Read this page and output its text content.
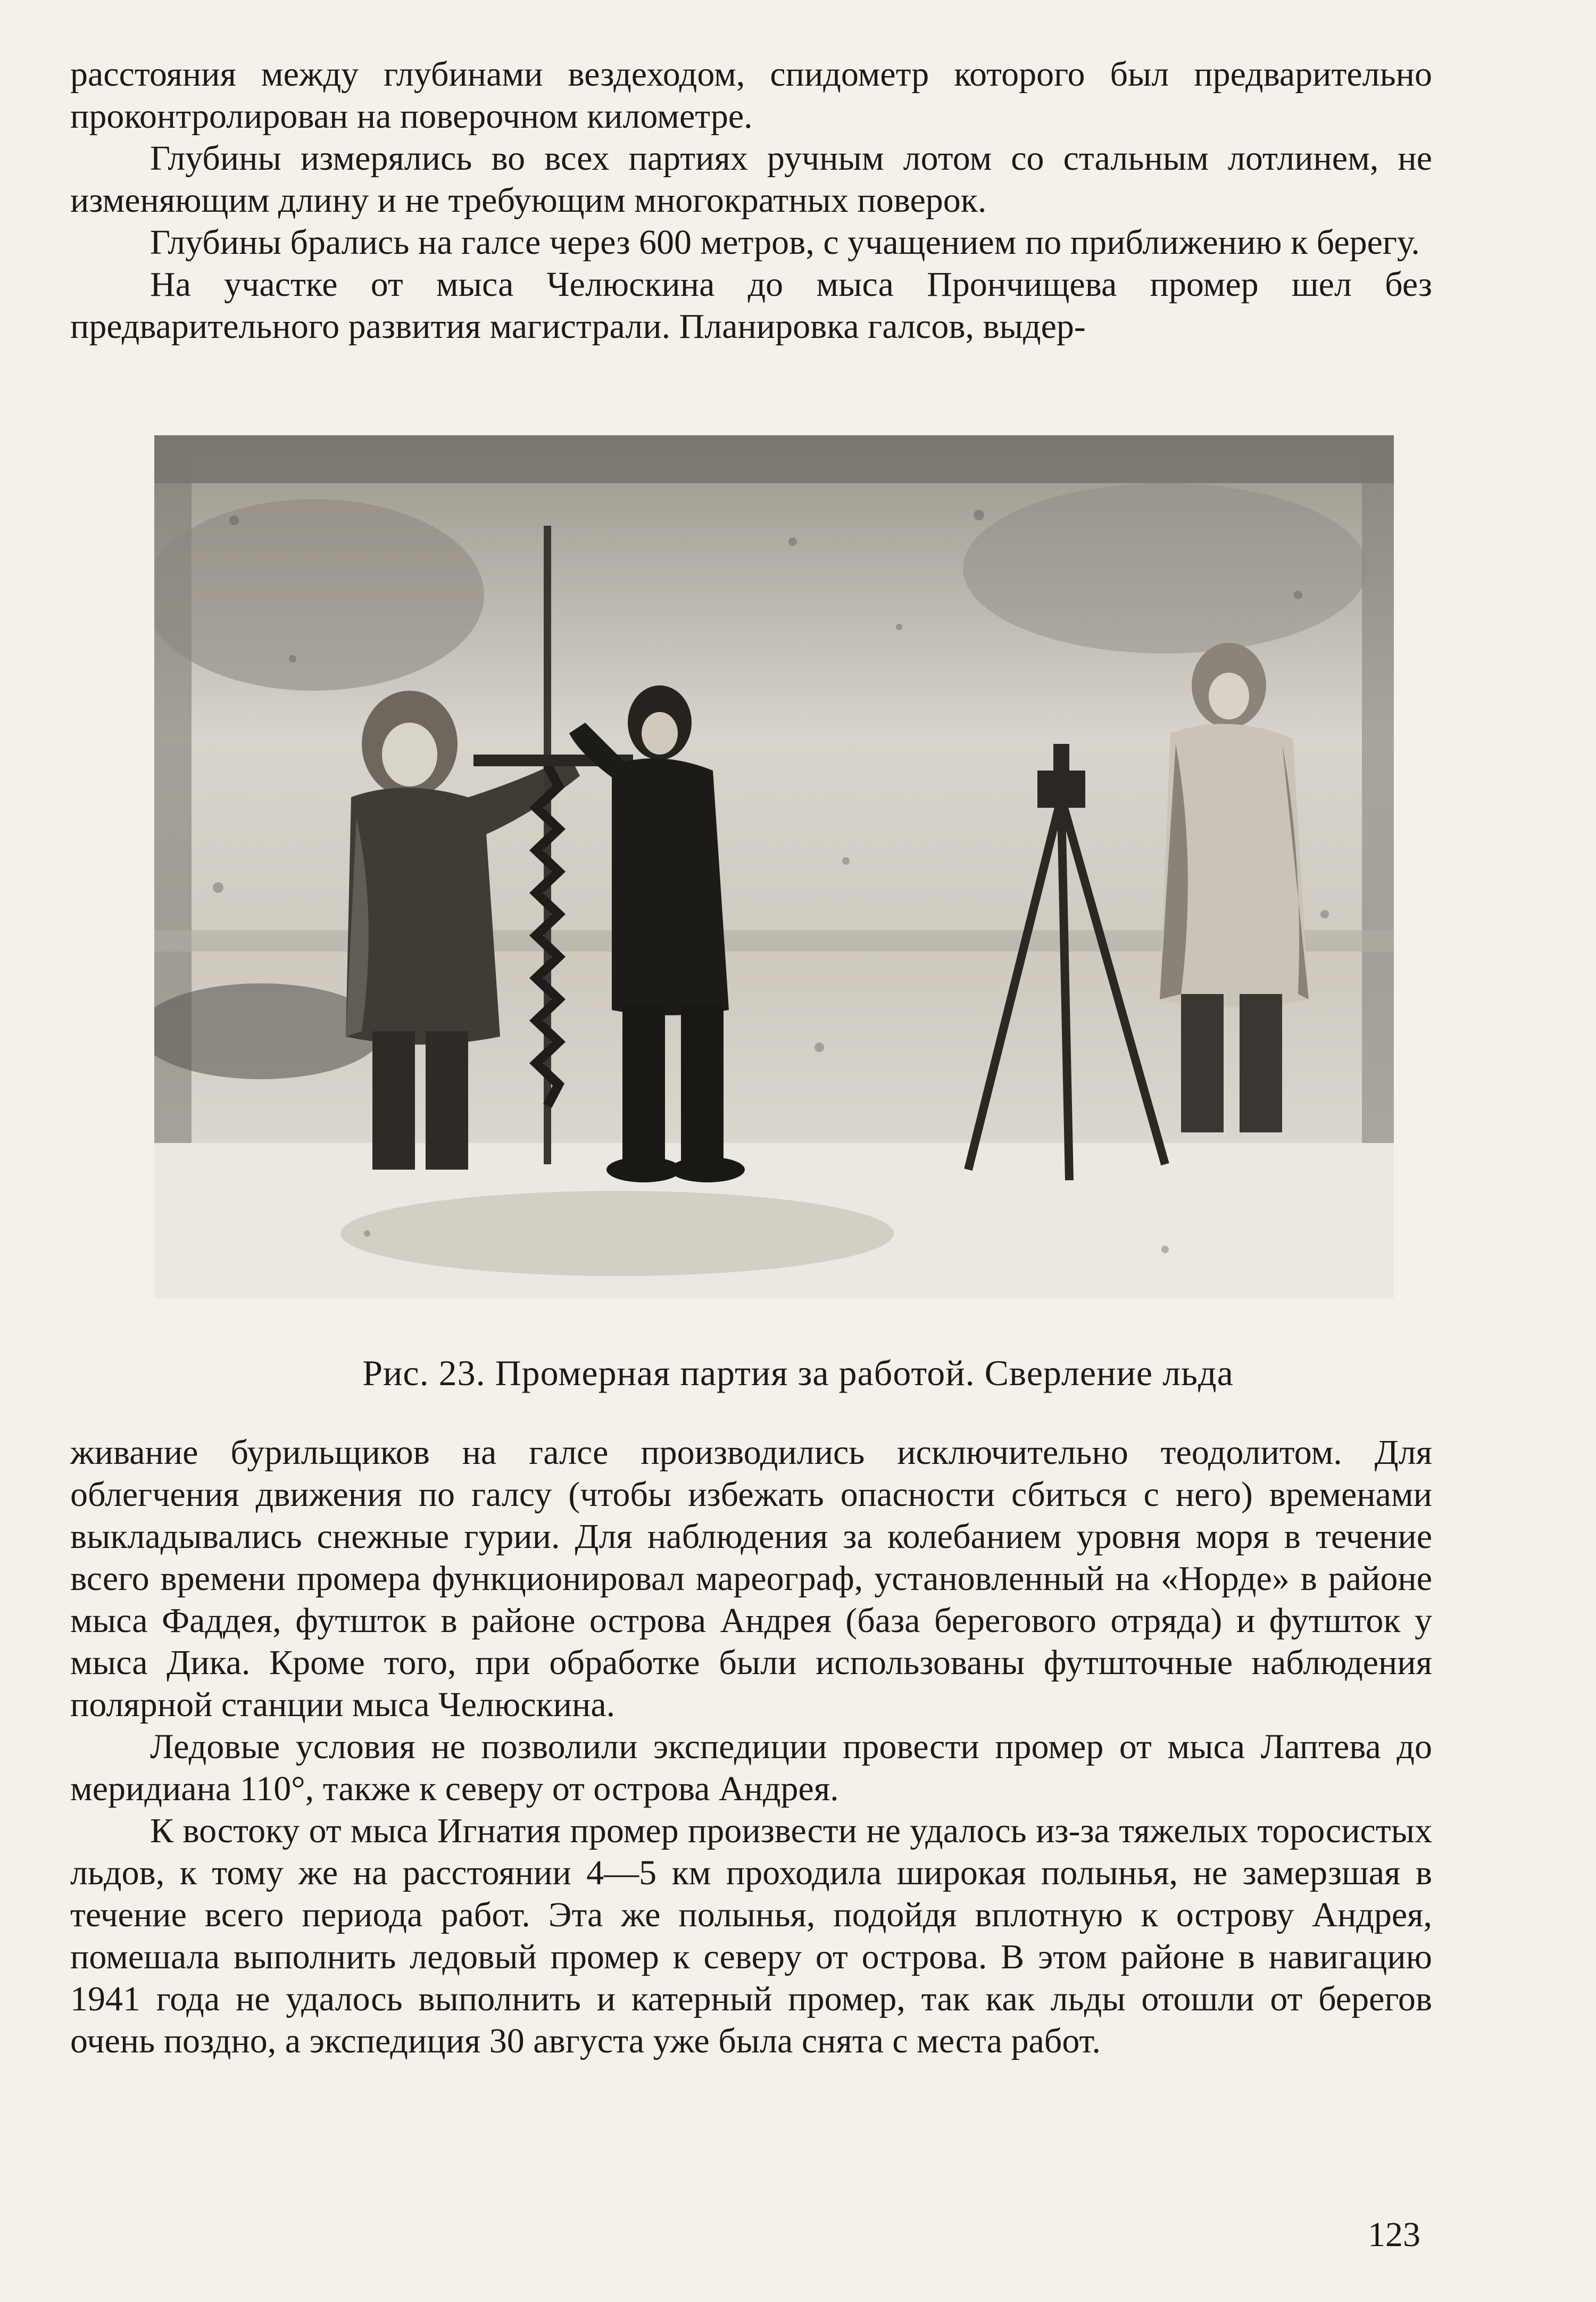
расстояния между глубинами вездеходом, спидометр которого был предварительно проконтролирован на поверочном километре.

Глубины измерялись во всех партиях ручным лотом со стальным лотлинем, не изменяющим длину и не требующим многократных поверок.

Глубины брались на галсе через 600 метров, с учащением по приближению к берегу.

На участке от мыса Челюскина до мыса Прончищева промер шел без предварительного развития магистрали. Планировка галсов, выдер-

Рис. 23. Промерная партия за работой. Сверление льда

живание бурильщиков на галсе производились исключительно теодолитом. Для облегчения движения по галсу (чтобы избежать опасности сбиться с него) временами выкладывались снежные гурии. Для наблюдения за колебанием уровня моря в течение всего времени промера функционировал мареограф, установленный на «Норде» в районе мыса Фаддея, футшток в районе острова Андрея (база берегового отряда) и футшток у мыса Дика. Кроме того, при обработке были использованы футшточные наблюдения полярной станции мыса Челюскина.

Ледовые условия не позволили экспедиции провести промер от мыса Лаптева до меридиана 110°, также к северу от острова Андрея.

К востоку от мыса Игнатия промер произвести не удалось из-за тяжелых торосистых льдов, к тому же на расстоянии 4—5 км проходила широкая полынья, не замерзшая в течение всего периода работ. Эта же полынья, подойдя вплотную к острову Андрея, помешала выполнить ледовый промер к северу от острова. В этом районе в навигацию 1941 года не удалось выполнить и катерный промер, так как льды отошли от берегов очень поздно, а экспедиция 30 августа уже была снята с места работ.

123
